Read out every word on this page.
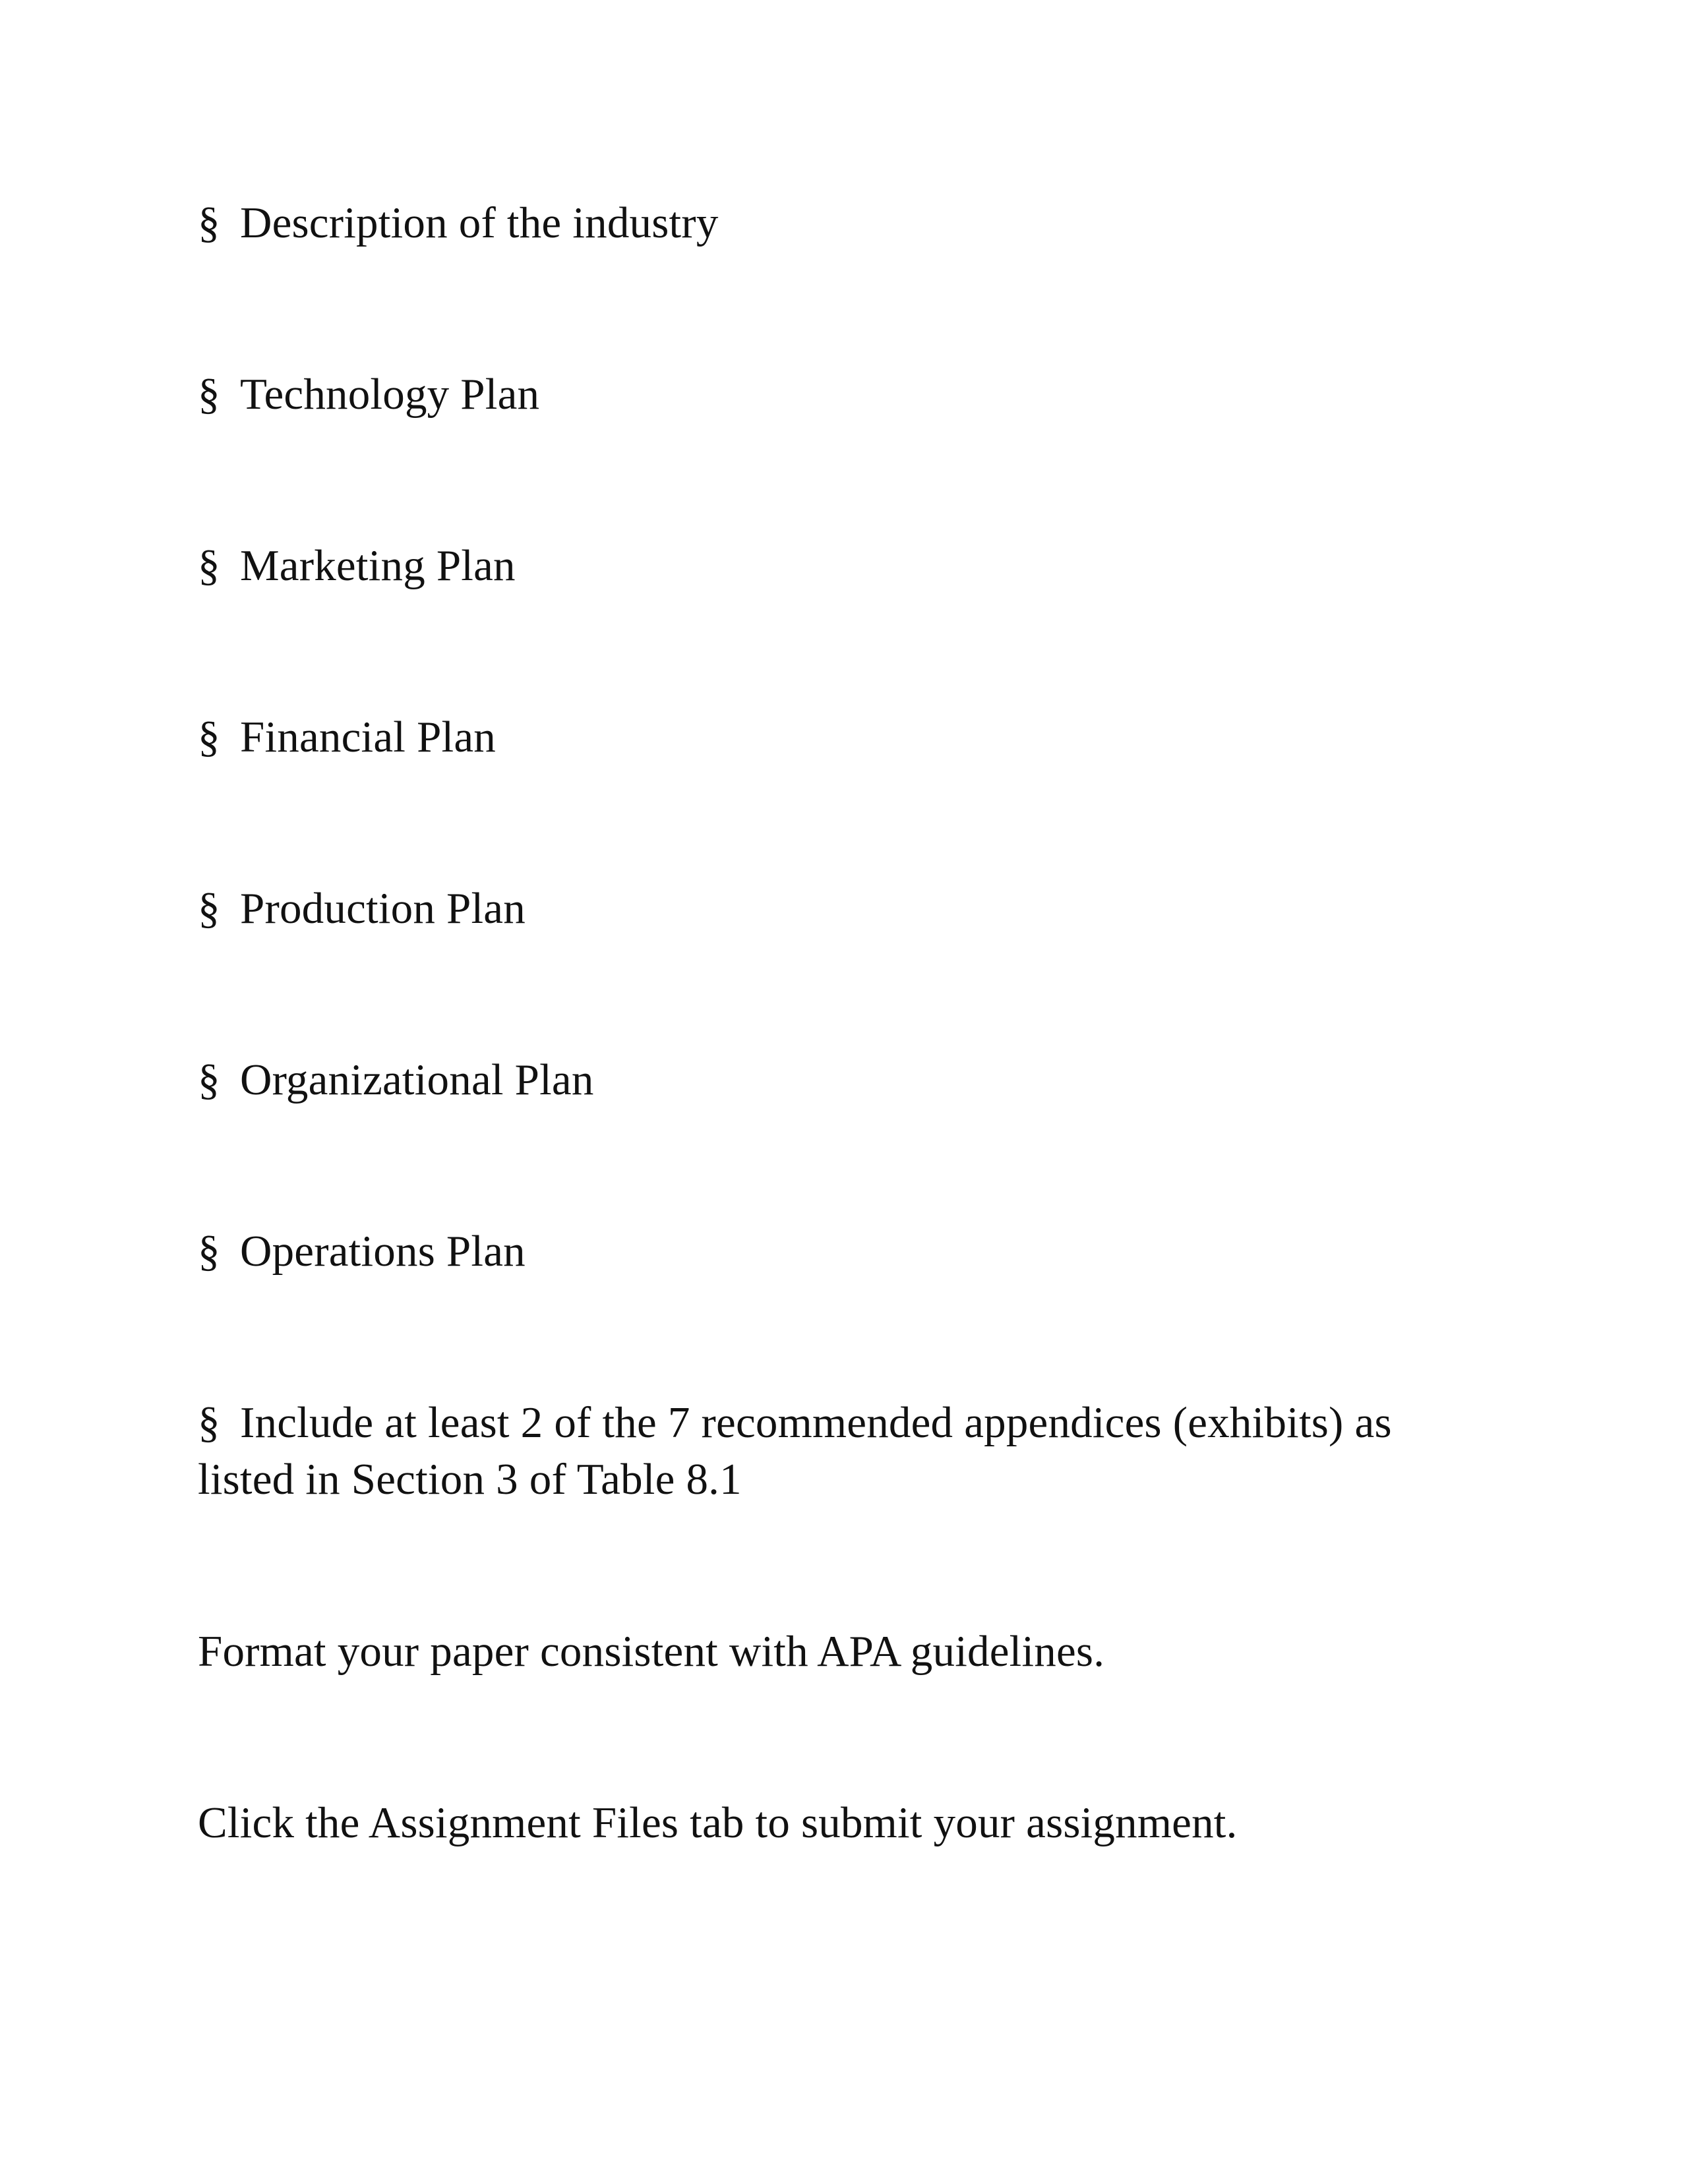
§ Description of the industry
§ Technology Plan
§ Marketing Plan
§ Financial Plan
§ Production Plan
§ Organizational Plan
§ Operations Plan
§ Include at least 2 of the 7 recommended appendices (exhibits) as listed in Section 3 of Table 8.1
Format your paper consistent with APA guidelines.
Click the Assignment Files tab to submit your assignment.
